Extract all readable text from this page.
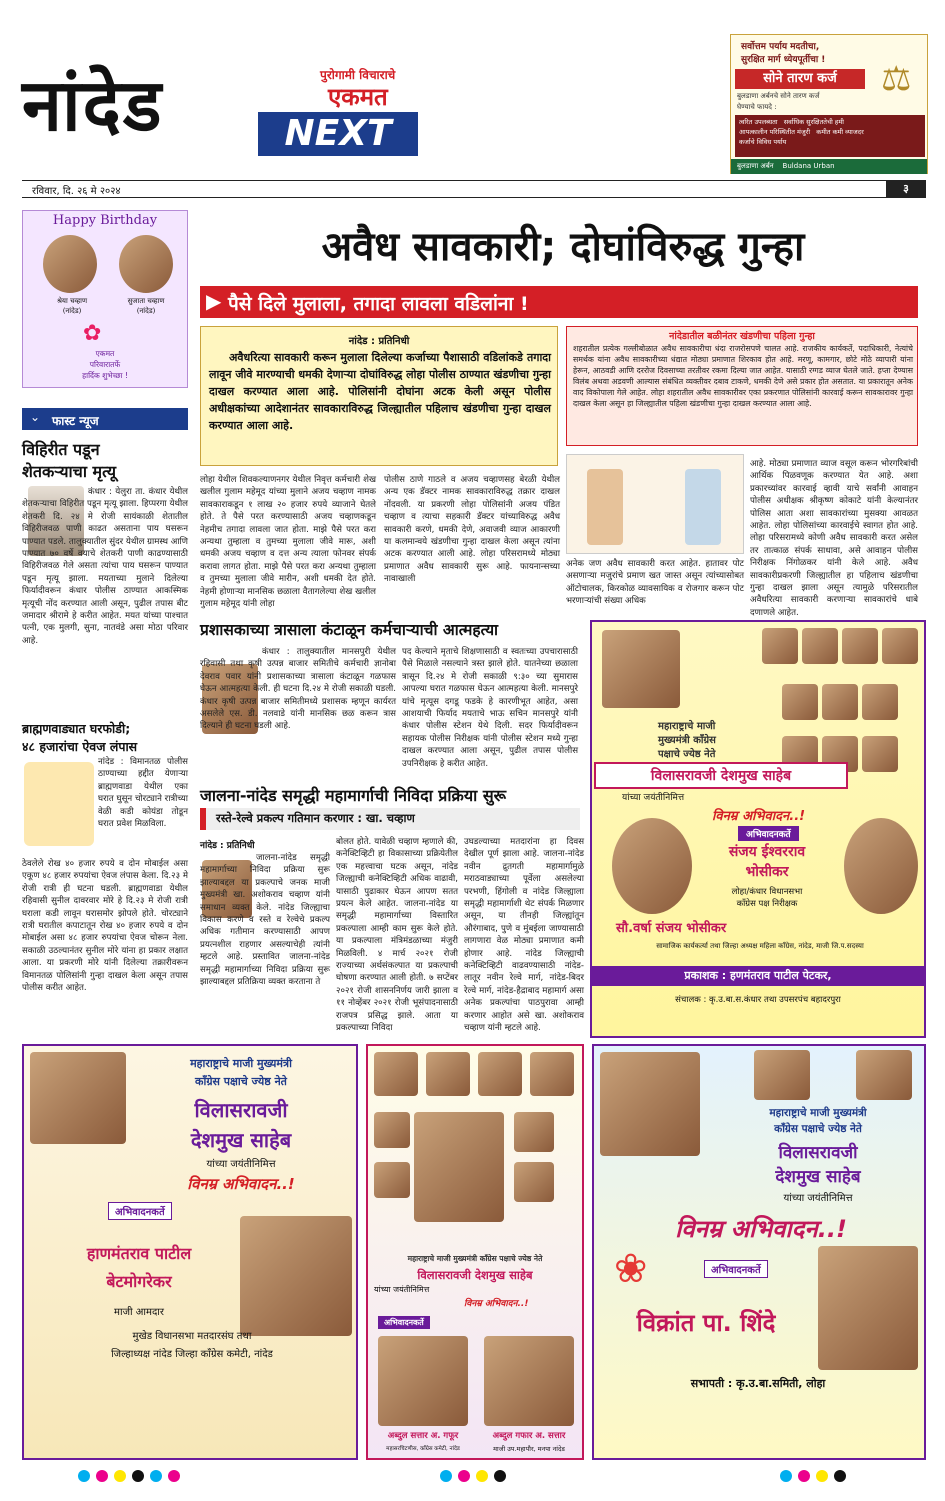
नांदेड	पुरोगामी विचाराचे
एकमत
NEXT
सर्वोत्तम पर्याय मदतीचा,
सुरक्षित मार्ग ध्येयपूर्तीचा !
सोने तारण कर्ज
बुलडाणा अर्बनचे सोने तारण कर्ज
घेण्याचे फायदे :
त्वरित उपलब्धता सर्वाधिक सुरक्षिततेची हमी
आपत्कालीन परिस्थितीत मंजुरी कमीत कमी व्याजदर
कर्जाचे विविध पर्याय
बुलडाणा अर्बन Buldana Urban
⚖
रविवार, दि. २६ मे २०२४	३
Happy Birthday
श्रेया चव्हाण
(नांदेड)
सुजाता चव्हाण
(नांदेड)
✿
एकमत
परिवारातर्फे
हार्दिक शुभेच्छा !
⌄ फास्ट न्यूज
विहिरीत पडून
शेतकऱ्याचा मृत्यू
कंधार : येलुरा ता. कंधार येथील शेतकऱ्याचा विहिरीत पडून मृत्यू झाला. हिप्परगा येथील शेतकरी दि. २४ मे रोजी सायंकाळी शेतातील विहिरीजवळ पाणी काढत असताना पाय घसरून पाण्यात पडले. तालुक्यातील सुंदर येथील ग्रामस्थ आणि पाण्यात ७० वर्षे वयाचे शेतकरी पाणी काढण्यासाठी विहिरीजवळ गेले असता त्यांचा पाय घसरून पाण्यात पडून मृत्यू झाला. मयताच्या मुलाने दिलेल्या फिर्यादीवरून कंधार पोलीस ठाण्यात आकस्मिक मृत्यूची नोंद करण्यात आली असून, पुढील तपास बीट जमादार श्रीरामे हे करीत आहेत. मयत यांच्या पाश्चात पत्नी, एक मुलगी, सुना, नातवंडे असा मोठा परिवार आहे.
ब्राह्मणवाड्यात घरफोडी;
४८ हजारांचा ऐवज लंपास
नांदेड : विमानतळ पोलीस ठाण्याच्या हद्दीत येणाऱ्या ब्राह्मणवाडा येथील एका घरात घुसून चोरट्याने रात्रीच्या वेळी कडी कोयंडा तोडून घरात प्रवेश मिळविला.
ठेवलेले रोख ४० हजार रुपये व दोन मोबाईल असा एकूण ४८ हजार रुपयांचा ऐवज लंपास केला. दि.२३ मे रोजी रात्री ही घटना घडली. ब्राह्मणवाडा येथील रहिवासी सुनील दावरवार मोरे हे दि.२३ मे रोजी रात्री घराला कडी लावून घरासमोर झोपले होते. चोरट्याने रात्री घरातील कपाटातून रोख ४० हजार रुपये व दोन मोबाईल असा ४८ हजार रुपयांचा ऐवज चोरून नेला. सकाळी उठल्यानंतर सुनील मोरे यांना हा प्रकार लक्षात आला. या प्रकरणी मोरे यांनी दिलेल्या तक्रारीवरून विमानतळ पोलिसांनी गुन्हा दाखल केला असून तपास पोलीस करीत आहेत.
अवैध सावकारी; दोघांविरुद्ध गुन्हा
▶ पैसे दिले मुलाला, तगादा लावला वडिलांना !
नांदेड : प्रतिनिधी
अवैधरित्या सावकारी करून मुलाला दिलेल्या कर्जाच्या पैशासाठी वडिलांकडे तगादा लावून जीवे मारण्याची धमकी देणाऱ्या दोघांविरुद्ध लोहा पोलीस ठाण्यात खंडणीचा गुन्हा दाखल करण्यात आला आहे. पोलिसांनी दोघांना अटक केली असून पोलीस अधीक्षकांच्या आदेशानंतर सावकाराविरुद्ध जिल्ह्यातील पहिलाच खंडणीचा गुन्हा दाखल करण्यात आला आहे.
नांदेडातील बळीनंतर खंडणीचा पहिला गुन्हा
शहरातील प्रत्येक गल्लीबोळात अवैध सावकारीचा धंदा राजरोसपणे चालत आहे. राजकीय कार्यकर्ते, पदाधिकारी, नेत्यांचे समर्थक यांना अवैध सावकारीच्या धंद्यात मोठ्या प्रमाणात शिरकाव होत आहे. मरणू, कामगार, छोटे मोठे व्यापारी यांना हेरून, आठवडी आणि दररोज दिवसाच्या तरतीवर रकमा दिल्या जात आहेत. यासाठी रग्गड व्याज घेतले जाते. हप्ता देण्यास विलंब अथवा अडवणी आल्यास संबंधित व्यक्तीवर दबाव टाकणे, धमकी देणे असे प्रकार होत असतात. या प्रकारातून अनेक वाद विकोपाला गेले आहेत. लोहा शहरातील अवैध सावकारीवर एका प्रकरणात पोलिसांनी कारवाई करून सावकारावर गुन्हा दाखल केला असून हा जिल्ह्यातील पहिला खंडणीचा गुन्हा दाखल करण्यात आला आहे.
लोहा येथील शिवकल्याणनगर येथील निवृत्त कर्मचारी शेख खलील गुलाम महेमूद यांच्या मुलाने अजय चव्हाण नामक सावकाराकडून १ लाख २० हजार रुपये व्याजाने घेतले होते. ते पैसे परत करण्यासाठी अजय चव्हाणकडून नेहमीच तगादा लावला जात होता. माझे पैसे परत करा अन्यथा तुम्हाला व तुमच्या मुलाला जीवे मारू, अशी धमकी अजय चव्हाण व दत्त अन्य त्याला फोनवर संपर्क करावा लागत होता. माझे पैसे परत करा अन्यथा तुम्हाला व तुमच्या मुलाला जीवे मारीन, अशी धमकी देत होते. नेहमी होणाऱ्या मानसिक छळाला वैतागलेल्या शेख खलील गुलाम महेमूद यांनी लोहा
पोलीस ठाणे गाठले व अजय चव्हाणसह बेरळी येथील अन्य एक डॅक्टर नामक सावकाराविरुद्ध तक्रार दाखल नोंदवली. या प्रकरणी लोहा पोलिसांनी अजय पंडित चव्हाण व त्याचा सहकारी डॅक्टर यांच्याविरुद्ध अवैध सावकारी करणे, धमकी देणे, अवाजवी व्याज आकारणी या कलमान्वये खंडणीचा गुन्हा दाखल केला असून त्यांना अटक करण्यात आली आहे. लोहा परिसरामध्ये मोठ्या प्रमाणात अवैध सावकारी सुरू आहे. फायनान्सच्या नावाखाली
अनेक जण अवैध सावकारी करत आहेत. हातावर पोट असणाऱ्या मजुरांचे प्रमाण खत जास्त असून त्यांच्यासोबत ऑटोचालक, किरकोळ व्यावसायिक व रोजगार करून पोट भरणाऱ्यांची संख्या अधिक
आहे. मोठ्या प्रमाणात व्याज वसूल करून भोरगरिबांची आर्थिक पिळवणूक करण्यात येत आहे. अशा प्रकारच्यांवर कारवाई व्हावी याचे सर्वांनी आवाहन पोलीस अधीक्षक श्रीकृष्ण कोकाटे यांनी केल्यानंतर पोलिस आता अशा सावकारांच्या मुसक्या आवळत आहेत. लोहा पोलिसांच्या कारवाईचे स्वागत होत आहे. लोहा परिसरामध्ये कोणी अवैध सावकारी करत असेल तर तात्काळ संपर्क साधावा, असे आवाहन पोलीस निरीक्षक निंगोळकर यांनी केले आहे. अवैध सावकारीप्रकरणी जिल्ह्यातील हा पहिलाच खंडणीचा गुन्हा दाखल झाला असून त्यामुळे परिसरातील अवैधरित्या सावकारी करणाऱ्या सावकारांचे धाबे दणाणले आहेत.
प्रशासकाच्या त्रासाला कंटाळून कर्मचाऱ्याची आत्महत्या
कंधार : तालुक्यातील मानसपुरी येथील रहिवासी तथा कृषी उत्पन्न बाजार समितीचे कर्मचारी ज्ञानोबा देवराव पवार यांनी प्रशासकाच्या त्रासाला कंटाळून गळफास घेऊन आत्महत्या केली. ही घटना दि.२४ मे रोजी सकाळी घडली. कंधार कृषी उत्पन्न बाजार समितीमध्ये प्रशासक म्हणून कार्यरत असलेले एस. डी. नलवाडे यांनी मानसिक छळ करून त्रास दिल्याने ही घटना घडली आहे.
पद केल्याने मृताचे शिक्षणासाठी व स्वतःच्या उपचारासाठी पैसे मिळाले नसल्याने त्रस्त झाले होते. यातनेच्या छळाला त्रासून दि.२४ मे रोजी सकाळी ९:३० च्या सुमारास आपल्या घरात गळफास घेऊन आत्महत्या केली. मानसपुरे यांचे मृत्यूस दगडू फडके हे कारणीभूत आहेत, असा आशयाची फिर्याद मयताचे भाऊ सचिन मानसपुरे यांनी कंधार पोलीस स्टेशन येथे दिली. सदर फिर्यादीवरून सहायक पोलीस निरीक्षक यांनी पोलीस स्टेशन मध्ये गुन्हा दाखल करण्यात आला असून, पुढील तपास पोलीस उपनिरीक्षक हे करीत आहेत.
जालना-नांदेड समृद्धी महामार्गाची निविदा प्रक्रिया सुरू
रस्ते-रेल्वे प्रकल्प गतिमान करणार : खा. चव्हाण
नांदेड : प्रतिनिधी
जालना-नांदेड समृद्धी महामार्गाच्या निविदा प्रक्रिया सुरू झाल्याबद्दल या प्रकल्पाचे जनक माजी मुख्यमंत्री खा. अशोकराव चव्हाण यांनी समाधान व्यक्त केले. नांदेड जिल्ह्याचा विकास करणे व रस्ते व रेल्वेचे प्रकल्प अधिक गतीमान करण्यासाठी आपण प्रयत्नशील राहणार असल्याचेही त्यांनी म्हटले आहे. प्रस्तावित जालना-नांदेड समृद्धी महामार्गाच्या निविदा प्रक्रिया सुरू झाल्याबद्दल प्रतिक्रिया व्यक्त करताना ते
बोलत होते. यावेळी चव्हाण म्हणाले की, कनेक्टिव्हिटी हा विकासाच्या प्रक्रियेतील एक महत्त्वाचा घटक असून, नांदेड जिल्ह्याची कनेक्टिव्हिटी अधिक वाढावी, यासाठी पुढाकार घेऊन आपण सतत प्रयत्न केले आहेत. जालना-नांदेड या समृद्धी महामार्गाच्या विस्तारित प्रकल्पाला आम्ही काम सुरू केले होते. या प्रकल्पाला मंत्रिमंडळाच्या मंजुरी मिळविली. ४ मार्च २०२१ रोजी राज्याच्या अर्थसंकल्पात या प्रकल्पाची घोषणा करण्यात आली होती. ७ सप्टेंबर २०२१ रोजी शासननिर्णय जारी झाला व ११ नोव्हेंबर २०२१ रोजी भूसंपादनासाठी राजपत्र प्रसिद्ध झाले. आता या प्रकल्पाच्या निविदा
उघडल्याच्या मतदारांना हा दिवस देखील पूर्ण झाला आहे. जालना-नांदेड नवीन द्रुतगती महामार्गामुळे मराठवाड्याच्या पूर्वेला असलेल्या परभणी, हिंगोली व नांदेड जिल्ह्याला समृद्धी महामार्गाशी थेट संपर्क मिळणार असून, या तीनही जिल्ह्यांतून औरंगाबाद, पुणे व मुंबईला जाण्यासाठी लागणारा वेळ मोठ्या प्रमाणात कमी होणार आहे. नांदेड जिल्ह्याची कनेक्टिव्हिटी वाढवण्यासाठी नांदेड-लातूर नवीन रेल्वे मार्ग, नांदेड-बिदर रेल्वे मार्ग, नांदेड-हैद्राबाद महामार्ग असा अनेक प्रकल्पांचा पाठपुरावा आम्ही करणार आहोत असे खा. अशोकराव चव्हाण यांनी म्हटले आहे.
महाराष्ट्राचे माजी
मुख्यमंत्री कॉंग्रेस
पक्षाचे ज्येष्ठ नेते
विलासरावजी देशमुख साहेब
यांच्या जयंतीनिमित्त
विनम्र अभिवादन..!
अभिवादनकर्ते
संजय ईश्वरराव
भोसीकर
लोहा/कंधार विधानसभा
कॉंग्रेस पक्ष निरीक्षक
सौ.वर्षा संजय भोसीकर
सामाजिक कार्यकर्त्या तथा जिल्हा अध्यक्ष महिला कॉंग्रेस, नांदेड, माजी जि.प.सदस्या
प्रकाशक : हणमंतराव पाटील पेटकर,
संचालक : कृ.उ.बा.स.कंधार तथा उपसरपंच बहादरपुरा
महाराष्ट्राचे माजी मुख्यमंत्री
कॉंग्रेस पक्षाचे ज्येष्ठ नेते
विलासरावजी
देशमुख साहेब
यांच्या जयंतीनिमित्त
विनम्र अभिवादन..!
अभिवादनकर्ते
हाणमंतराव पाटील
बेटमोगरेकर
माजी आमदार
मुखेड विधानसभा मतदारसंघ तथा
जिल्हाध्यक्ष नांदेड जिल्हा कॉंग्रेस कमेटी, नांदेड
महाराष्ट्राचे माजी मुख्यमंत्री कॉंग्रेस पक्षाचे ज्येष्ठ नेते
विलासरावजी देशमुख साहेब
यांच्या जयंतीनिमित्त
विनम्र अभिवादन..!
अभिवादनकर्ते
अब्दुल सत्तार अ. गफूर
महासरचिटणीस, कॉंग्रेस कमेटी, नांदेड
अब्दुल गफार अ. सत्तार
माजी उप.महापौर, मनपा नांदेड
महाराष्ट्राचे माजी मुख्यमंत्री
कॉंग्रेस पक्षाचे ज्येष्ठ नेते
विलासरावजी
देशमुख साहेब
यांच्या जयंतीनिमित्त
विनम्र अभिवादन..!
❀	अभिवादनकर्ते
विक्रांत पा. शिंदे
सभापती : कृ.उ.बा.समिती, लोहा
